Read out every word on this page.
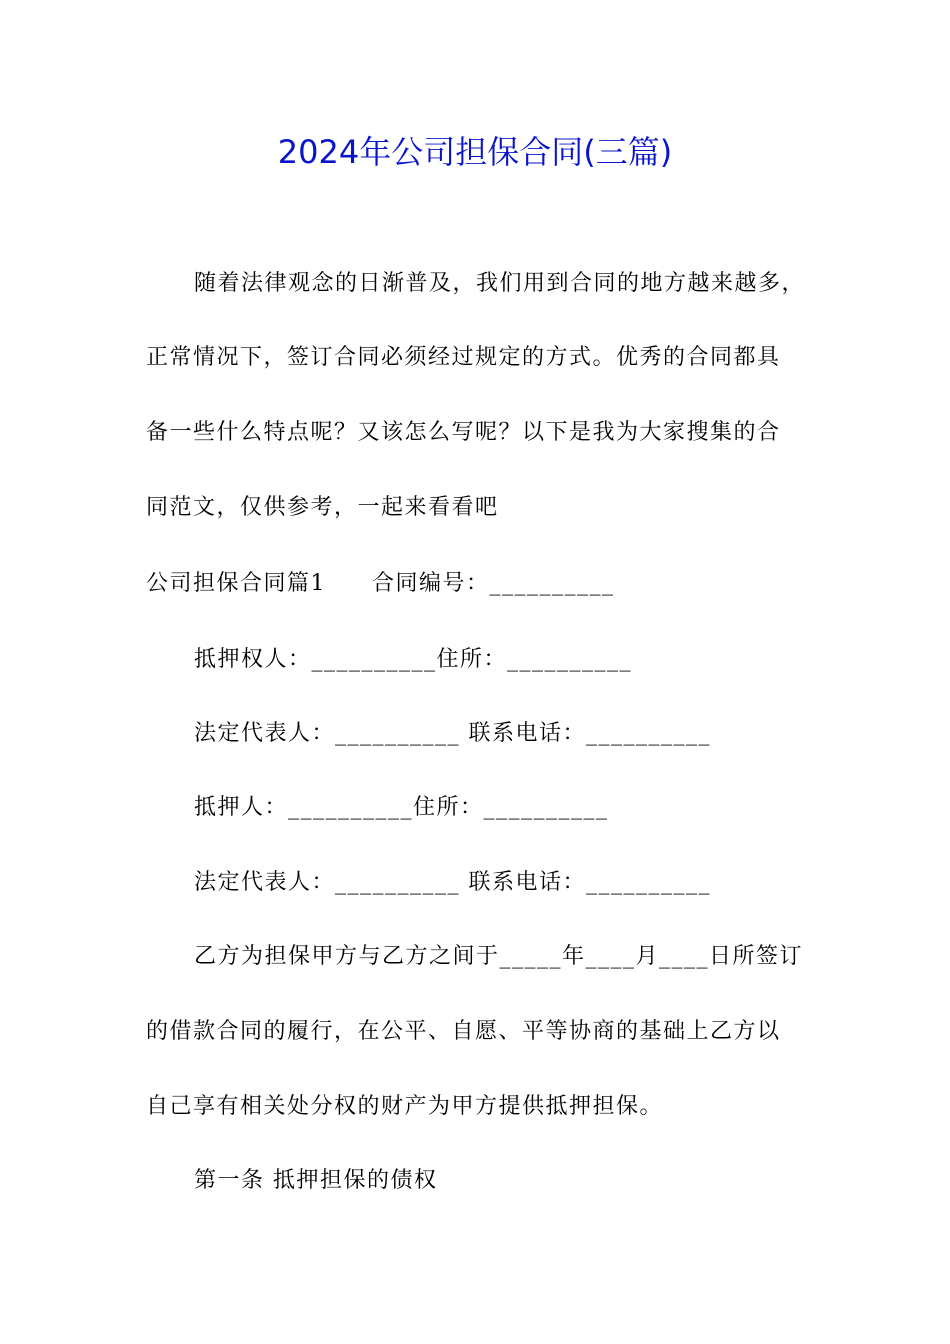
2024年公司担保合同(三篇)
随着法律观念的日渐普及，我们用到合同的地方越来越多，
正常情况下，签订合同必须经过规定的方式。优秀的合同都具
备一些什么特点呢？又该怎么写呢？以下是我为大家搜集的合
同范文，仅供参考，一起来看看吧
公司担保合同篇1 合同编号：__________
抵押权人：__________住所：__________
法定代表人：__________ 联系电话：__________
抵押人：__________住所：__________
法定代表人：__________ 联系电话：__________
乙方为担保甲方与乙方之间于_____年____月____日所签订
的借款合同的履行，在公平、自愿、平等协商的基础上乙方以
自己享有相关处分权的财产为甲方提供抵押担保。
第一条 抵押担保的债权
